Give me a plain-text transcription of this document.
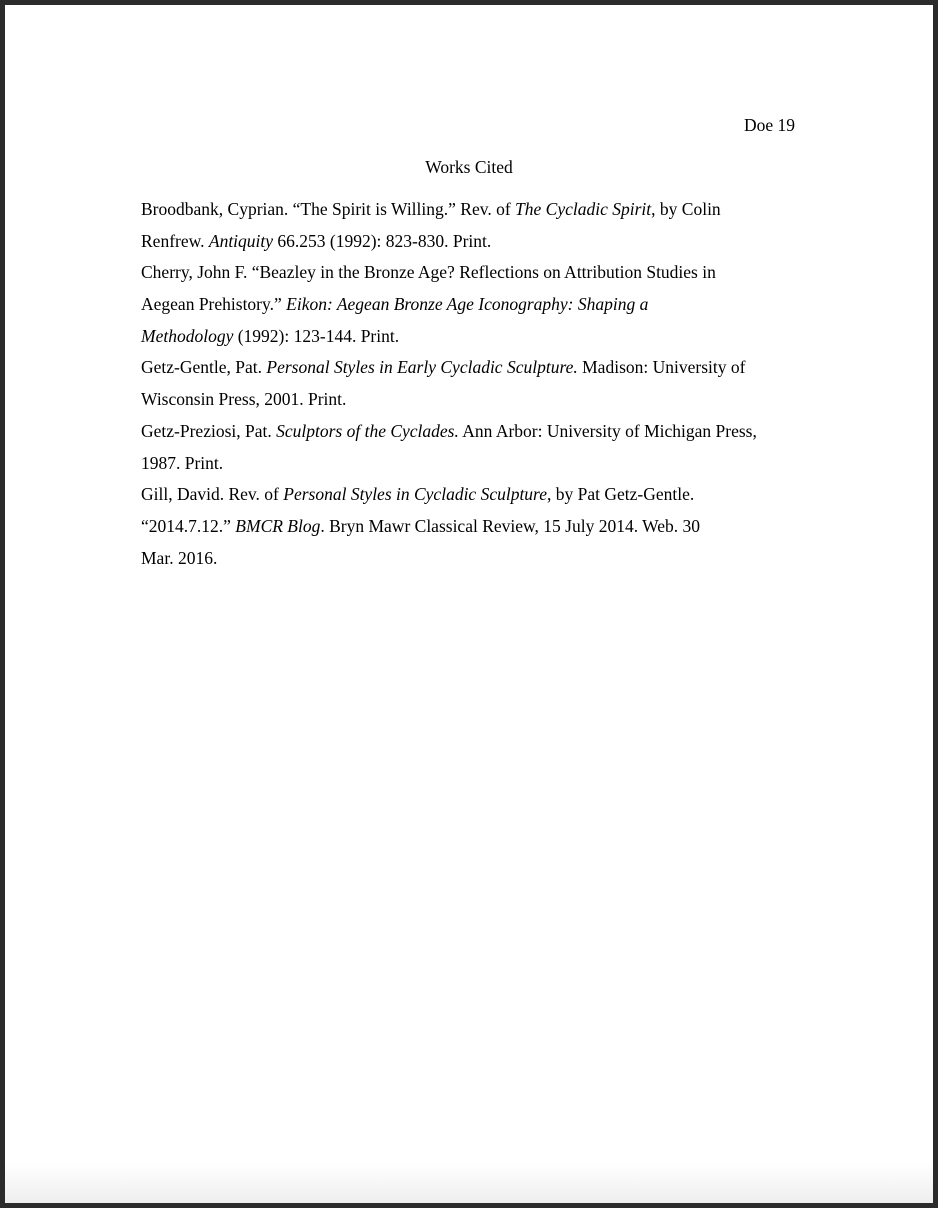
Doe 19
Works Cited
Broodbank, Cyprian. “The Spirit is Willing.” Rev. of The Cycladic Spirit, by Colin
Renfrew. Antiquity 66.253 (1992): 823-830. Print.
Cherry, John F. “Beazley in the Bronze Age? Reflections on Attribution Studies in
Aegean Prehistory.” Eikon: Aegean Bronze Age Iconography: Shaping a
Methodology (1992): 123-144. Print.
Getz-Gentle, Pat. Personal Styles in Early Cycladic Sculpture. Madison: University of
Wisconsin Press, 2001. Print.
Getz-Preziosi, Pat. Sculptors of the Cyclades. Ann Arbor: University of Michigan Press,
1987. Print.
Gill, David. Rev. of Personal Styles in Cycladic Sculpture, by Pat Getz-Gentle.
“2014.7.12.” BMCR Blog. Bryn Mawr Classical Review, 15 July 2014. Web. 30
Mar. 2016.
